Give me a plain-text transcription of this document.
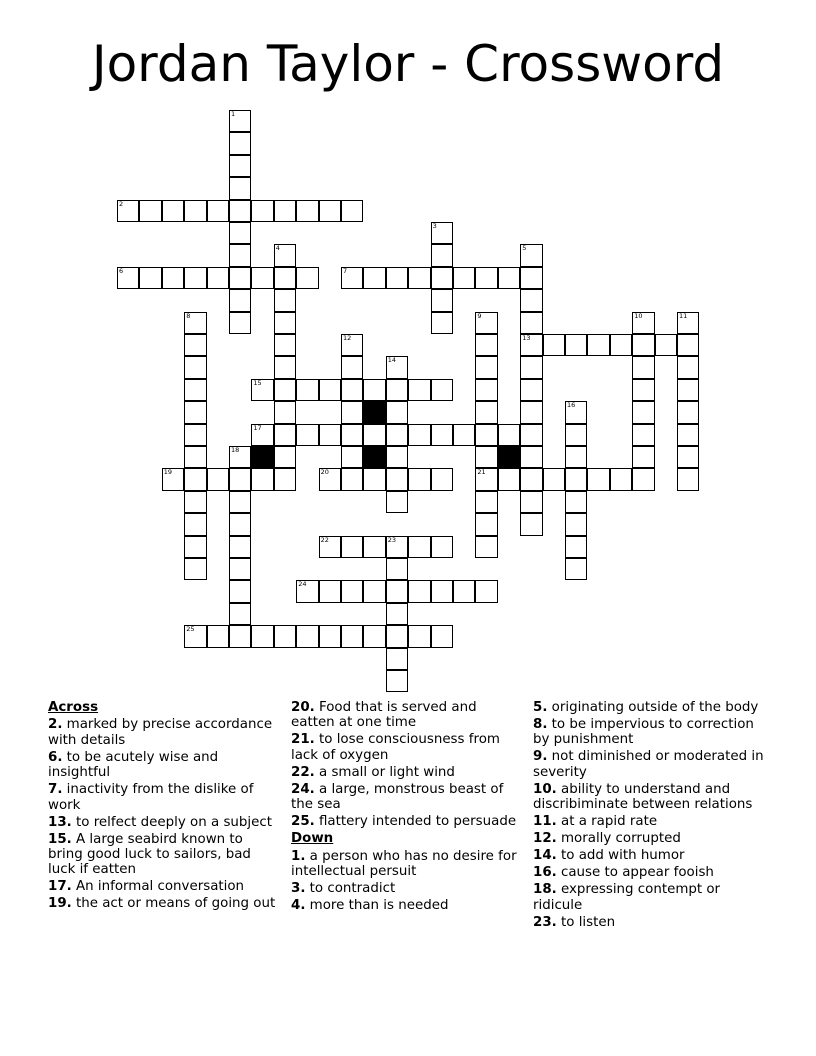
Jordan Taylor - Crossword
1
2
3
4	5
13
6	7
8	9
21
10	11
12
14
15
16
17
18
19	20
22	23
24
25
Across
2. marked by precise accordance with details
6. to be acutely wise and insightful
7. inactivity from the dislike of work
13. to relfect deeply on a subject
15. A large seabird known to bring good luck to sailors, bad luck if eatten
17. An informal conversation
19. the act or means of going out
20. Food that is served and eatten at one time
21. to lose consciousness from lack of oxygen
22. a small or light wind
24. a large, monstrous beast of the sea
25. flattery intended to persuade
Down
1. a person who has no desire for intellectual persuit
3. to contradict
4. more than is needed
5. originating outside of the body
8. to be impervious to correction by punishment
9. not diminished or moderated in severity
10. ability to understand and discribiminate between relations
11. at a rapid rate
12. morally corrupted
14. to add with humor
16. cause to appear fooish
18. expressing contempt or ridicule
23. to listen
